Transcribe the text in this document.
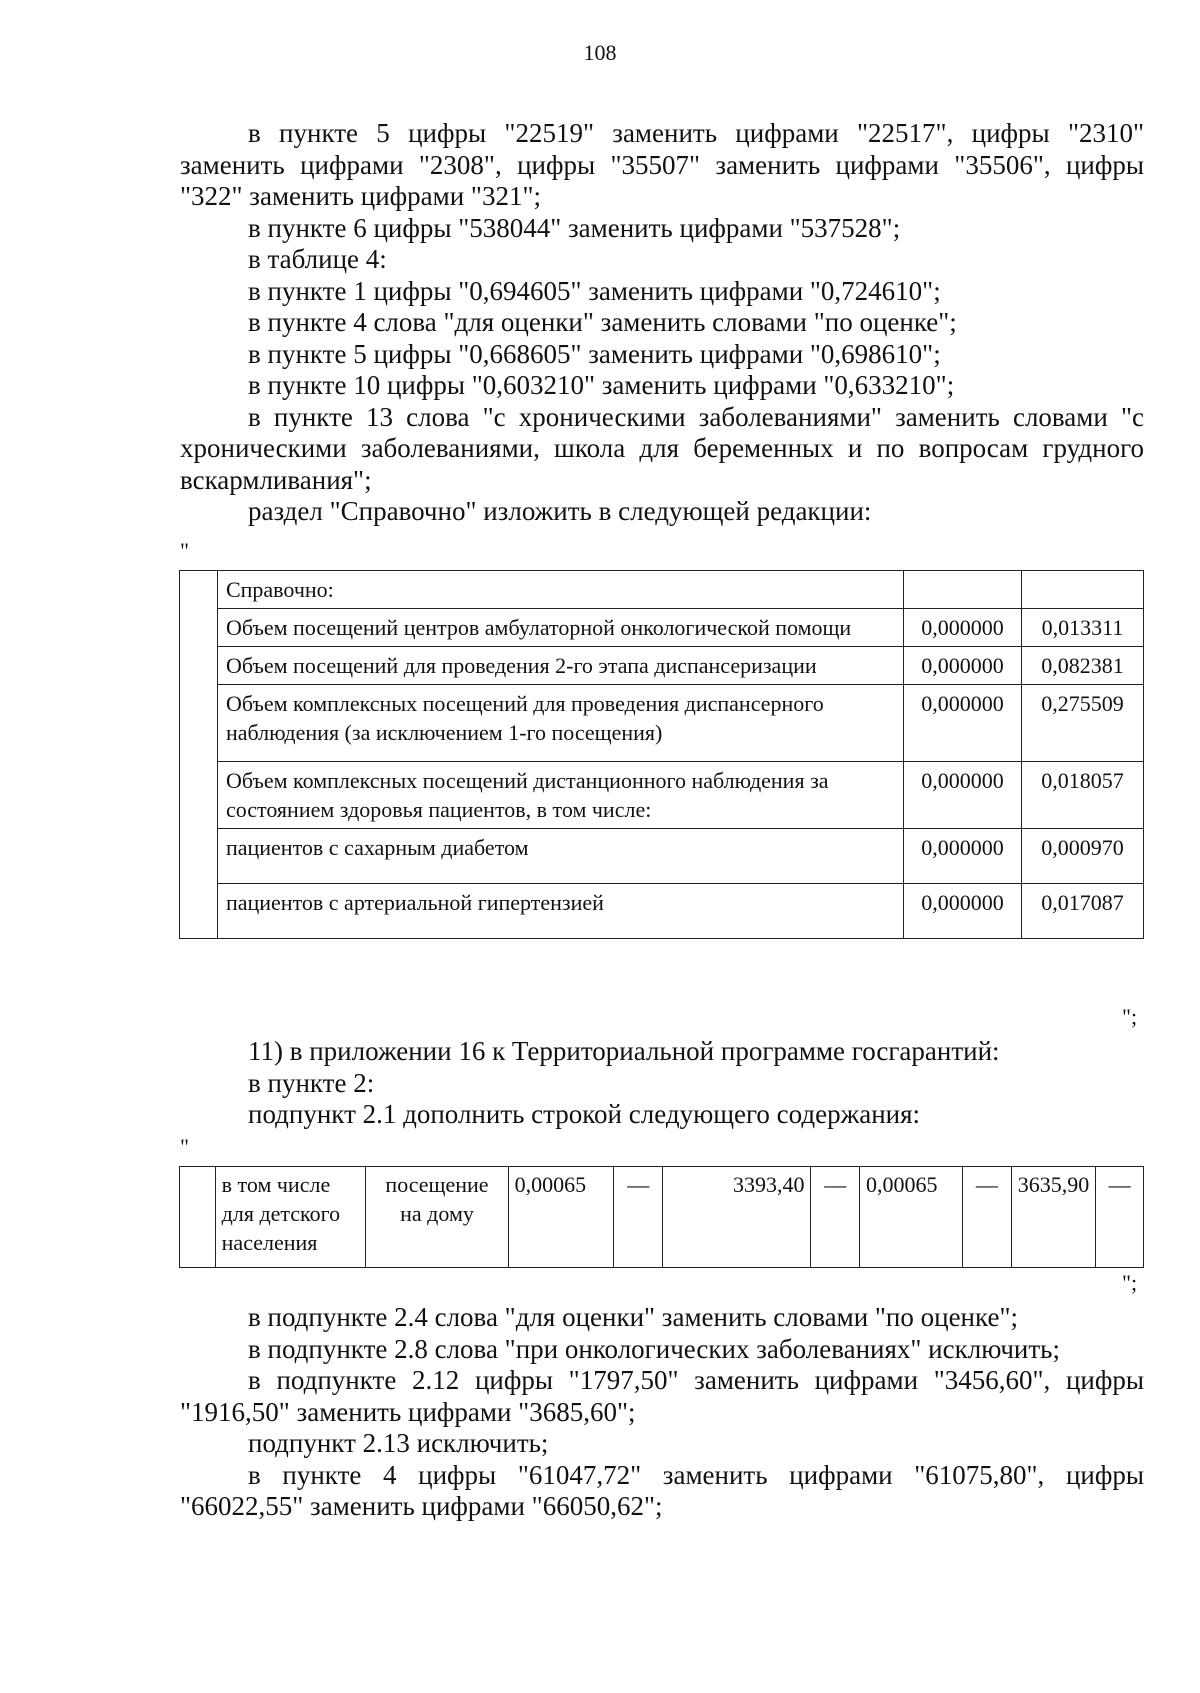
108

в пункте 5 цифры "22519" заменить цифрами "22517", цифры "2310" заменить цифрами "2308", цифры "35507" заменить цифрами "35506", цифры "322" заменить цифрами "321";

в пункте 6 цифры "538044" заменить цифрами "537528";

в таблице 4:

в пункте 1 цифры "0,694605" заменить цифрами "0,724610";

в пункте 4 слова "для оценки" заменить словами "по оценке";

в пункте 5 цифры "0,668605" заменить цифрами "0,698610";

в пункте 10 цифры "0,603210" заменить цифрами "0,633210";

в пункте 13 слова "с хроническими заболеваниями" заменить словами "с хроническими заболеваниями, школа для беременных и по вопросам грудного вскармливания";

раздел "Справочно" изложить в следующей редакции:

"
	Справочно:		
	Объем посещений центров амбулаторной онкологической помощи	0,000000	0,013311
	Объем посещений для проведения 2-го этапа диспансеризации	0,000000	0,082381
	Объем комплексных посещений для проведения диспансерного наблюдения (за исключением 1-го посещения)	0,000000	0,275509
	Объем комплексных посещений дистанционного наблюдения за состоянием здоровья пациентов, в том числе:	0,000000	0,018057
	пациентов с сахарным диабетом	0,000000	0,000970
	пациентов с артериальной гипертензией	0,000000	0,017087
";

11) в приложении 16 к Территориальной программе госгарантий:

в пункте 2:

подпункт 2.1 дополнить строкой следующего содержания:

"
	в том числе для детского населения	посещение на дому	0,00065	—	3393,40	—	0,00065	—	3635,90	—
";

в подпункте 2.4 слова "для оценки" заменить словами "по оценке";

в подпункте 2.8 слова "при онкологических заболеваниях" исключить;

в подпункте 2.12 цифры "1797,50" заменить цифрами "3456,60", цифры "1916,50" заменить цифрами "3685,60";

подпункт 2.13 исключить;

в пункте 4 цифры "61047,72" заменить цифрами "61075,80", цифры "66022,55" заменить цифрами "66050,62";
